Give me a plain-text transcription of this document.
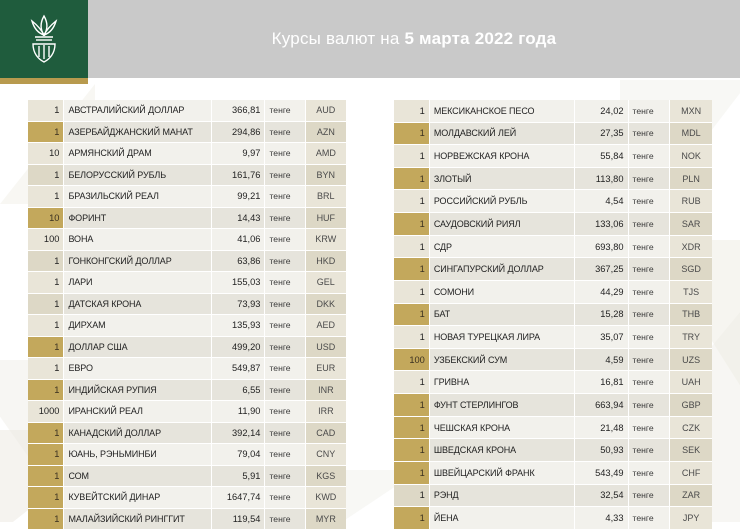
Курсы валют на 5 марта 2022 года
1	АВСТРАЛИЙСКИЙ ДОЛЛАР	366,81	тенге	AUD
1	АЗЕРБАЙДЖАНСКИЙ МАНАТ	294,86	тенге	AZN
10	АРМЯНСКИЙ ДРАМ	9,97	тенге	AMD
1	БЕЛОРУССКИЙ РУБЛЬ	161,76	тенге	BYN
1	БРАЗИЛЬСКИЙ РЕАЛ	99,21	тенге	BRL
10	ФОРИНТ	14,43	тенге	HUF
100	ВОНА	41,06	тенге	KRW
1	ГОНКОНГСКИЙ ДОЛЛАР	63,86	тенге	HKD
1	ЛАРИ	155,03	тенге	GEL
1	ДАТСКАЯ КРОНА	73,93	тенге	DKK
1	ДИРХАМ	135,93	тенге	AED
1	ДОЛЛАР США	499,20	тенге	USD
1	ЕВРО	549,87	тенге	EUR
1	ИНДИЙСКАЯ РУПИЯ	6,55	тенге	INR
1000	ИРАНСКИЙ РЕАЛ	11,90	тенге	IRR
1	КАНАДСКИЙ ДОЛЛАР	392,14	тенге	CAD
1	ЮАНЬ, РЭНЬМИНБИ	79,04	тенге	CNY
1	СОМ	5,91	тенге	KGS
1	КУВЕЙТСКИЙ ДИНАР	1647,74	тенге	KWD
1	МАЛАЙЗИЙСКИЙ РИНГГИТ	119,54	тенге	MYR
1	МЕКСИКАНСКОЕ ПЕСО	24,02	тенге	MXN
1	МОЛДАВСКИЙ ЛЕЙ	27,35	тенге	MDL
1	НОРВЕЖСКАЯ КРОНА	55,84	тенге	NOK
1	ЗЛОТЫЙ	113,80	тенге	PLN
1	РОССИЙСКИЙ РУБЛЬ	4,54	тенге	RUB
1	САУДОВСКИЙ РИЯЛ	133,06	тенге	SAR
1	СДР	693,80	тенге	XDR
1	СИНГАПУРСКИЙ ДОЛЛАР	367,25	тенге	SGD
1	СОМОНИ	44,29	тенге	TJS
1	БАТ	15,28	тенге	THB
1	НОВАЯ ТУРЕЦКАЯ ЛИРА	35,07	тенге	TRY
100	УЗБЕКСКИЙ СУМ	4,59	тенге	UZS
1	ГРИВНА	16,81	тенге	UAH
1	ФУНТ СТЕРЛИНГОВ	663,94	тенге	GBP
1	ЧЕШСКАЯ КРОНА	21,48	тенге	CZK
1	ШВЕДСКАЯ КРОНА	50,93	тенге	SEK
1	ШВЕЙЦАРСКИЙ ФРАНК	543,49	тенге	CHF
1	РЭНД	32,54	тенге	ZAR
1	ЙЕНА	4,33	тенге	JPY
